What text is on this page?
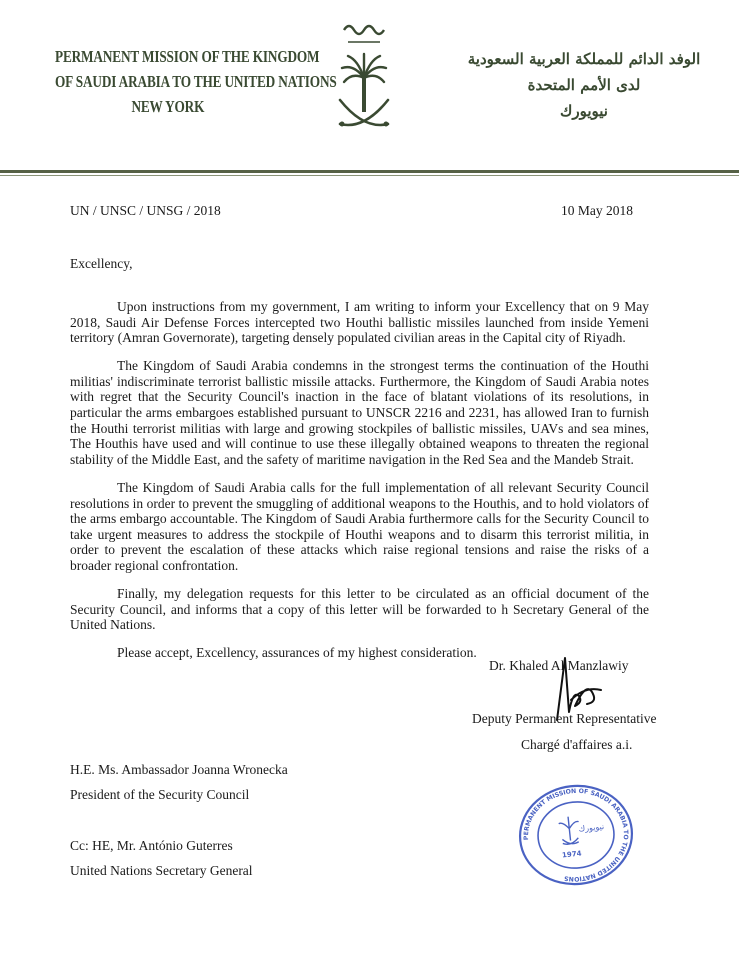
PERMANENT MISSION OF THE KINGDOM
OF SAUDI ARABIA TO THE UNITED NATIONS
NEW YORK
الوفد الدائم للمملكة العربية السعودية
لدى الأمم المتحدة
نيويورك
UN / UNSC / UNSG / 2018	10 May 2018
Excellency,

Upon instructions from my government, I am writing to inform your Excellency that on 9 May 2018, Saudi Air Defense Forces intercepted two Houthi ballistic missiles launched from inside Yemeni territory (Amran Governorate), targeting densely populated civilian areas in the Capital city of Riyadh.

The Kingdom of Saudi Arabia condemns in the strongest terms the continuation of the Houthi militias' indiscriminate terrorist ballistic missile attacks. Furthermore, the Kingdom of Saudi Arabia notes with regret that the Security Council's inaction in the face of blatant violations of its resolutions, in particular the arms embargoes established pursuant to UNSCR 2216 and 2231, has allowed Iran to furnish the Houthi terrorist militias with large and growing stockpiles of ballistic missiles, UAVs and sea mines, The Houthis have used and will continue to use these illegally obtained weapons to threaten the regional stability of the Middle East, and the safety of maritime navigation in the Red Sea and the Mandeb Strait.

The Kingdom of Saudi Arabia calls for the full implementation of all relevant Security Council resolutions in order to prevent the smuggling of additional weapons to the Houthis, and to hold violators of the arms embargo accountable. The Kingdom of Saudi Arabia furthermore calls for the Security Council to take urgent measures to address the stockpile of Houthi weapons and to disarm this terrorist militia, in order to prevent the escalation of these attacks which raise regional tensions and raise the risks of a broader regional confrontation.

Finally, my delegation requests for this letter to be circulated as an official document of the Security Council, and informs that a copy of this letter will be forwarded to h Secretary General of the United Nations.

Please accept, Excellency, assurances of my highest consideration.

Dr. Khaled Al Manzlawiy
Deputy Permanent Representative
Chargé d'affaires a.i.
H.E. Ms. Ambassador Joanna Wronecka
President of the Security Council
Cc: HE, Mr. António Guterres
United Nations Secretary General
PERMANENT MISSION OF SAUDI ARABIA TO THE UNITED NATIONS
نيويورك
1974
